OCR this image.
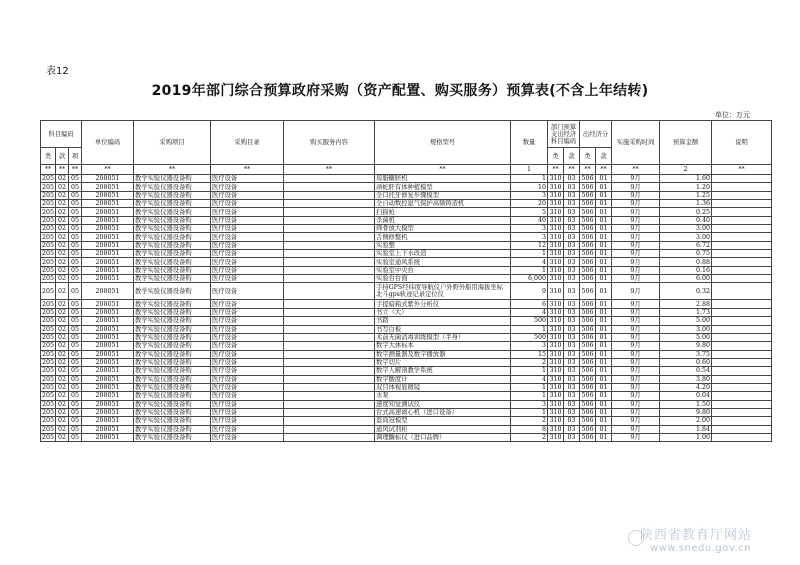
表12
2019年部门综合预算政府采购（资产配置、购买服务）预算表(不含上年结转)
单位：万元
科目编码			单位编码	采购项目	采购目录	购买服务内容	规格型号	数量	部门预算支出经济科目编码		出经济分		实施采购时间	预算金额	说明
类	款	项							类	款	类	款			
**	**	**	**	**	**	**	**	1	**	**	**	**	**	2	**
205	02	05	208051	教学实验仪器设备购	医疗设备		琼脂糖胚机	1	310	03	506	01	9月	1.60	
205	02	05	208051	教学实验仪器设备购	医疗设备		顽蛇肝有体种植模型	10	310	03	506	01	9月	1.20	
205	02	05	208051	教学实验仪器设备购	医疗设备		全口托牙修复步骤模型	3	310	03	506	01	9月	1.25	
205	02	05	208051	教学实验仪器设备购	医疗设备		全自动数控氩气保护高频铸造机	20	310	03	506	01	9月	1.36	
205	02	05	208051	教学实验仪器设备购	医疗设备		扫描枪	5	310	03	506	01	9月	0.25	
205	02	05	208051	教学实验仪器设备购	医疗设备		杀菌机	40	310	03	506	01	9月	0.40	
205	02	05	208051	教学实验仪器设备购	医疗设备		筛骨放大模型	3	310	03	506	01	9月	3.00	
205	02	05	208051	教学实验仪器设备购	医疗设备		舌侧修整机	3	310	03	506	01	9月	3.00	
205	02	05	208051	教学实验仪器设备购	医疗设备		实验整	12	310	03	506	01	9月	6.72	
205	02	05	208051	教学实验仪器设备购	医疗设备		实验室上下水改造	1	310	03	506	01	9月	0.75	
205	02	05	208051	教学实验仪器设备购	医疗设备		实验室通风系统	4	310	03	506	01	9月	0.88	
205	02	05	208051	教学实验仪器设备购	医疗设备		实验室中央台	1	310	03	506	01	9月	0.16	
205	02	05	208051	教学实验仪器设备购	医疗设备		实验台台面	6,000	310	03	506	01	9月	6.00	
205	02	05	208051	教学实验仪器设备购	医疗设备		手持GPS经纬度导航仪户外野外船用海拔坐标北斗gps轨迹记录定位仪	9	310	03	506	01	9月	0.32	
205	02	05	208051	教学实验仪器设备购	医疗设备		手提暗箱式紫外分析仪	6	310	03	506	01	9月	2.88	
205	02	05	208051	教学实验仪器设备购	医疗设备		书立（大）	4	310	03	506	01	9月	1.73	
205	02	05	208051	教学实验仪器设备购	医疗设备		书踏	500	310	03	506	01	9月	5.00	
205	02	05	208051	教学实验仪器设备购	医疗设备		书写白板	1	310	03	506	01	9月	3.00	
205	02	05	208051	教学实验仪器设备购	医疗设备		术前无菌消毒训练模型（半身）	500	310	03	506	01	9月	5.00	
205	02	05	208051	教学实验仪器设备购	医疗设备		数字大体标本	3	310	03	506	01	9月	9.80	
205	02	05	208051	教学实验仪器设备购	医疗设备		数字测量器及数字播放器	15	310	03	506	01	9月	3.75	
205	02	05	208051	教学实验仪器设备购	医疗设备		数字切片	2	310	03	506	01	9月	0.60	
205	02	05	208051	教学实验仪器设备购	医疗设备		数字人解剖教学系统	1	310	03	506	01	9月	0.54	
205	02	05	208051	教学实验仪器设备购	医疗设备		数字酸度计	4	310	03	506	01	9月	3.80	
205	02	05	208051	教学实验仪器设备购	医疗设备		双目体视显微镜	1	310	03	506	01	9月	4.20	
205	02	05	208051	教学实验仪器设备购	医疗设备		水泵	1	310	03	506	01	9月	0.04	
205	02	05	208051	教学实验仪器设备购	医疗设备		速度知觉测试仪	3	310	03	506	01	9月	1.50	
205	02	05	208051	教学实验仪器设备购	医疗设备		台式高速离心机（进口设备）	1	310	03	506	01	9月	9.80	
205	02	05	208051	教学实验仪器设备购	医疗设备		套筒冠模型	2	310	03	506	01	9月	2.00	
205	02	05	208051	教学实验仪器设备购	医疗设备		通风试剂柜	8	310	03	506	01	9月	1.84	
205	02	05	208051	教学实验仪器设备购	医疗设备		调理酶标仪（进口品牌）	2	310	03	506	01	9月	1.00	
陕西省教育厅网站
www.snedu.gov.cn
